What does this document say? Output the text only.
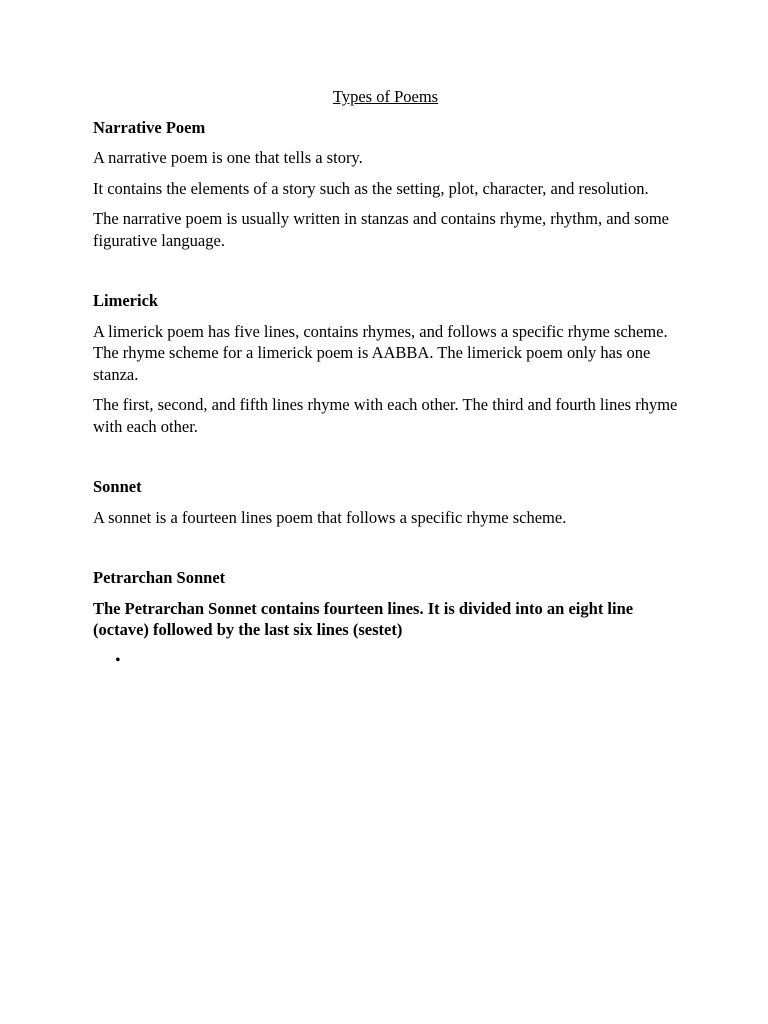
Types of Poems

Narrative Poem

A narrative poem is one that tells a story.

It contains the elements of a story such as the setting, plot, character, and resolution.

The narrative poem is usually written in stanzas and contains rhyme, rhythm, and some figurative language.

Limerick

A limerick poem has five lines, contains rhymes, and follows a specific rhyme scheme. The rhyme scheme for a limerick poem is AABBA. The limerick poem only has one stanza.

The first, second, and fifth lines rhyme with each other. The third and fourth lines rhyme with each other.

Sonnet

A sonnet is a fourteen lines poem that follows a specific rhyme scheme.

Petrarchan Sonnet

The Petrarchan Sonnet contains fourteen lines. It is divided into an eight line (octave) followed by the last six lines (sestet)

•
